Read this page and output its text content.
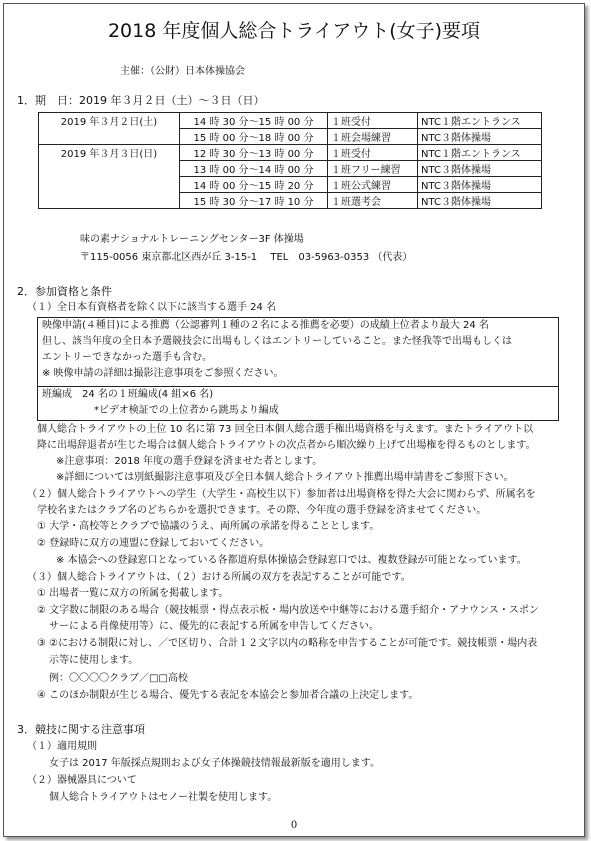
2018 年度個人総合トライアウト(女子)要項
主催：（公財）日本体操協会
1．期　日：2019 年３月２日（土）～３日（日）
2019 年３月２日(土)	14 時 30 分～15 時 00 分	１班受付	NTC１階エントランス
	15 時 00 分～18 時 00 分	１班会場練習	NTC３階体操場
2019 年３月３日(日)	12 時 30 分～13 時 00 分	１班受付	NTC１階エントランス
	13 時 00 分～14 時 00 分	１班フリー練習	NTC３階体操場
	14 時 00 分～15 時 20 分	１班公式練習	NTC３階体操場
	15 時 30 分～17 時 10 分	１班選考会	NTC３階体操場
味の素ナショナルトレーニングセンター3F 体操場
〒115-0056 東京都北区西が丘 3-15-1　 TEL　03-5963-0353 （代表）
2．参加資格と条件
（１）全日本有資格者を除く以下に該当する選手 24 名
映像申請(４種目)による推薦（公認審判１種の２名による推薦を必要）の成績上位者より最大 24 名
但し、該当年度の全日本予選競技会に出場もしくはエントリーしていること。また怪我等で出場もしくは
エントリーできなかった選手も含む。
※ 映像申請の詳細は撮影注意事項をご参照ください。
班編成　24 名の１班編成(4 組×6 名)
*ビデオ検証での上位者から跳馬より編成
個人総合トライアウトの上位 10 名に第 73 回全日本個人総合選手権出場資格を与えます。またトライアウト以
降に出場辞退者が生じた場合は個人総合トライアウトの次点者から順次繰り上げて出場権を得るものとします。
※注意事項：2018 年度の選手登録を済ませた者とします。
※詳細については別紙撮影注意事項及び全日本個人総合トライアウト推薦出場申請書をご参照下さい。
（２）個人総合トライアウトへの学生（大学生・高校生以下）参加者は出場資格を得た大会に関わらず、所属名を
学校名またはクラブ名のどちらかを選択できます。その際、今年度の選手登録を済ませてください。
① 大学・高校等とクラブで協議のうえ、両所属の承諾を得ることとします。
② 登録時に双方の連盟に登録しておいてください。
※ 本協会への登録窓口となっている各都道府県体操協会登録窓口では、複数登録が可能となっています。
（３）個人総合トライアウトは、（２）おける所属の双方を表記することが可能です。
① 出場者一覧に双方の所属を掲載します。
② 文字数に制限のある場合（競技帳票・得点表示板・場内放送や中継等における選手紹介・アナウンス・スポン
サーによる肖像使用等）に、優先的に表記する所属を申告してください。
③ ②における制限に対し、／で区切り、合計１２文字以内の略称を申告することが可能です。競技帳票・場内表
示等に使用します。
例：〇〇〇〇クラブ／□□高校
④ このほか制限が生じる場合、優先する表記を本協会と参加者合議の上決定します。
3．競技に関する注意事項
（１）適用規則
女子は 2017 年版採点規則および女子体操競技情報最新版を適用します。
（２）器械器具について
個人総合トライアウトはセノー社製を使用します。
0
